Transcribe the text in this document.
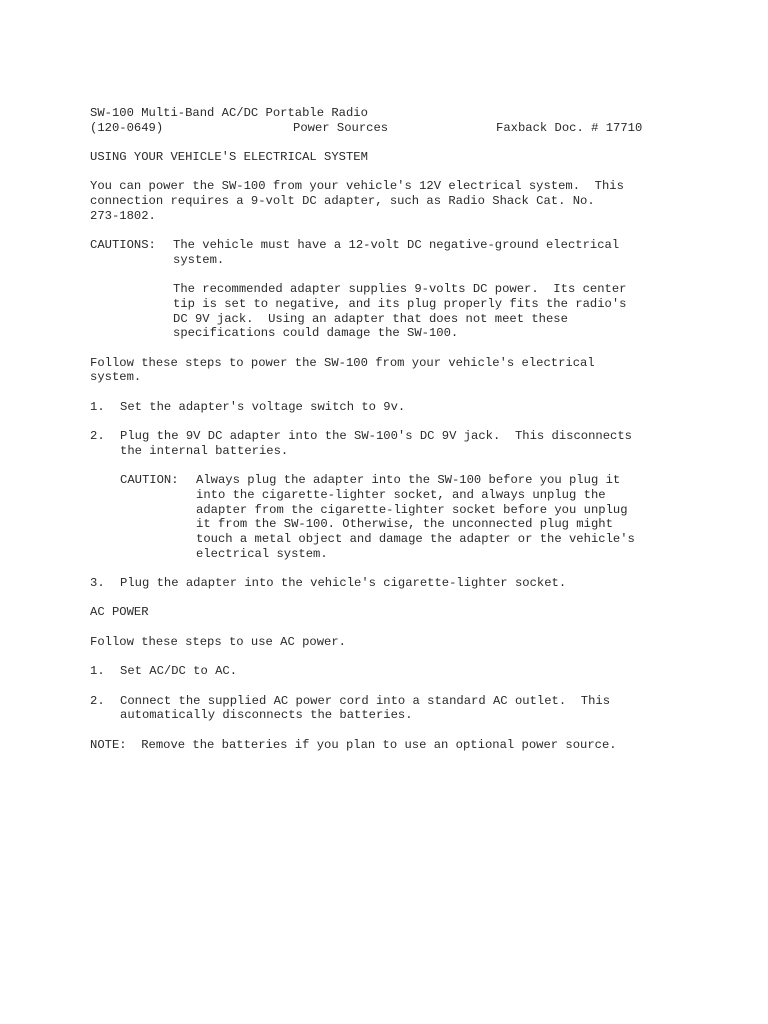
SW-100 Multi-Band AC/DC Portable Radio

(120-0649)

	Power Sources

	Faxback Doc. # 17710

USING YOUR VEHICLE'S ELECTRICAL SYSTEM
You can power the SW-100 from your vehicle's 12V electrical system.  This
connection requires a 9-volt DC adapter, such as Radio Shack Cat. No.
273-1802.
CAUTIONS:	The vehicle must have a 12-volt DC negative-ground electrical
system.
The recommended adapter supplies 9-volts DC power.  Its center
tip is set to negative, and its plug properly fits the radio's
DC 9V jack.  Using an adapter that does not meet these
specifications could damage the SW-100.
Follow these steps to power the SW-100 from your vehicle's electrical
system.
1.	Set the adapter's voltage switch to 9v.
2.	Plug the 9V DC adapter into the SW-100's DC 9V jack.  This disconnects
the internal batteries.
CAUTION:	Always plug the adapter into the SW-100 before you plug it
into the cigarette-lighter socket, and always unplug the
adapter from the cigarette-lighter socket before you unplug
it from the SW-100. Otherwise, the unconnected plug might
touch a metal object and damage the adapter or the vehicle's
electrical system.
3.	Plug the adapter into the vehicle's cigarette-lighter socket.
AC POWER
Follow these steps to use AC power.
1.	Set AC/DC to AC.
2.	Connect the supplied AC power cord into a standard AC outlet.  This
automatically disconnects the batteries.
NOTE:  Remove the batteries if you plan to use an optional power source.
